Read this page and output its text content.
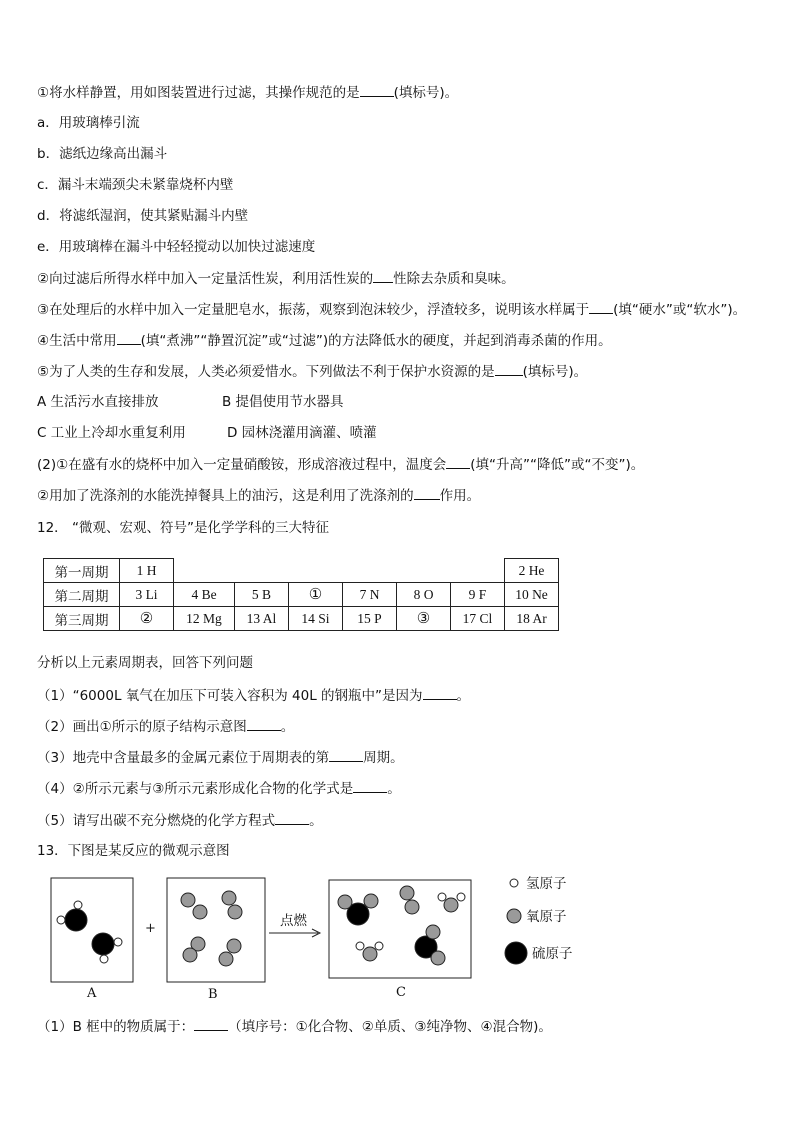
①将水样静置，用如图装置进行过滤，其操作规范的是	(填标号)。
a．用玻璃棒引流
b．滤纸边缘高出漏斗
c．漏斗末端颈尖未紧靠烧杯内壁
d．将滤纸湿润，使其紧贴漏斗内壁
e．用玻璃棒在漏斗中轻轻搅动以加快过滤速度
②向过滤后所得水样中加入一定量活性炭，利用活性炭的 性除去杂质和臭味。
③在处理后的水样中加入一定量肥皂水，振荡，观察到泡沫较少，浮渣较多，说明该水样属于 (填“硬水”或“软水”)。
④生活中常用 (填“煮沸”“静置沉淀”或“过滤”)的方法降低水的硬度，并起到消毒杀菌的作用。
⑤为了人类的生存和发展，人类必须爱惜水。下列做法不利于保护水资源的是 (填标号)。
A 生活污水直接排放	B 提倡使用节水器具
C 工业上冷却水重复利用	D 园林浇灌用滴灌、喷灌
(2)①在盛有水的烧杯中加入一定量硝酸铵，形成溶液过程中，温度会 (填“升高”“降低”或“不变”)。
②用加了洗涤剂的水能洗掉餐具上的油污，这是利用了洗涤剂的 作用。
12． “微观、宏观、符号”是化学学科的三大特征
第一周期	1 H							2 He
第二周期	3 Li	4 Be	5 B	①	7 N	8 O	9 F	10 Ne
第三周期	②	12 Mg	13 Al	14 Si	15 P	③	17 Cl	18 Ar
分析以上元素周期表，回答下列问题
（1）“6000L 氧气在加压下可装入容积为 40L 的钢瓶中”是因为	。
（2）画出①所示的原子结构示意图	。
（3）地壳中含量最多的金属元素位于周期表的第	周期。
（4）②所示元素与③所示元素形成化合物的化学式是	。
（5）请写出碳不充分燃烧的化学方程式	。
13．下图是某反应的微观示意图
A	B	C
+	点燃
氢原子
氧原子
硫原子
（1）B 框中的物质属于：	（填序号：①化合物、②单质、③纯净物、④混合物)。
